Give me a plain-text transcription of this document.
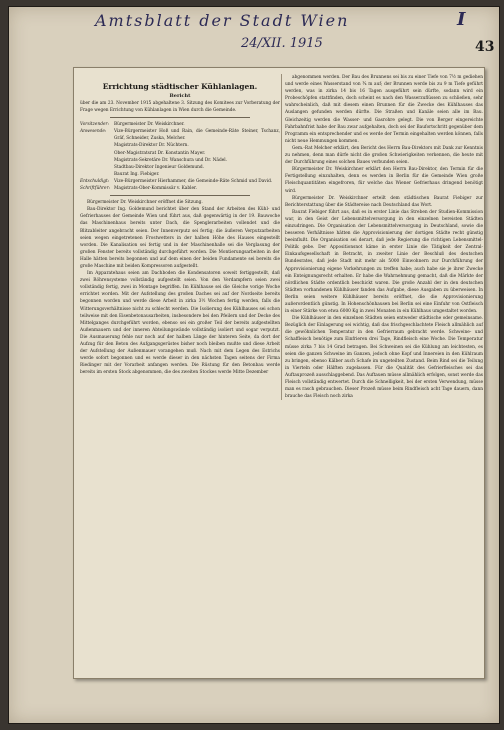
Amtsblatt der Stadt Wien	I
24/XII. 1915	43
Errichtung städtischer Kühlanlagen.
Bericht

über die am 23. November 1915 abgehaltene 3. Sitzung des Komitees zur Vorberatung der Frage wegen Errichtung von Kühlanlagen in Wien durch die Gemeinde.

Vorsitzender: Bürgermeister Dr. Weiskirchner.

Anwesende: Vize-Bürgermeister Hoß und Rain, die Gemeinde-Räte Steiner, Tschanz, Gräf, Schneider, Zuska, Melcher.

Magistrats-Direktor Dr. Nüchtern.

Ober-Magistratsrat Dr. Konstantin Mayer.

Magistrats-Sekretäre Dr. Wanschura und Dr. Nädel.

Stadtbau-Direktor Ingenieur Goldemund.

Baurat Ing. Fiebiger.

Entschuldigt: Vize-Bürgermeister Hierhammer, die Gemeinde-Räte Schmid und David.

Schriftführer: Magistrats-Ober-Kommissär v. Kabler.

Bürgermeister Dr. Weiskirchner eröffnet die Sitzung.

Bau-Direktor Ing. Goldemund berichtet über den Stand der Arbeiten des Kühl- und Gefrierhauses der Gemeinde Wien und führt aus, daß gegenwärtig in der 19. Bauwoche das Maschinenhaus bereits unter Dach, die Spenglerarbeiten vollendet und die Blitzableiter angebracht seien. Der Innenverputz sei fertig; die äußeren Verputzarbeiten seien wegen eingetretenen Frostwetters in der halben Höhe des Hauses eingestellt worden. Die Kanalisation sei fertig und in der Maschinenhalle sei die Verglasung der großen Fenster bereits vollständig durchgeführt worden. Die Montierungsarbeiten in der Halle hätten bereits begonnen und auf dem einen der beiden Fundamente sei bereits die große Maschine mit beiden Kompressoren aufgestellt.

Im Apparatehaus seien am Dachboden die Kondensatoren soweit fertiggestellt, daß zwei Röhrensysteme vollständig aufgestellt seien. Von den Verdampfern seien zwei vollständig fertig, zwei in Montage begriffen. Im Kühlhause sei die Gleiche vorige Woche errichtet worden. Mit der Aufstellung des großen Daches sei auf der Nordseite bereits begonnen worden und werde diese Arbeit in zirka 3½ Wochen fertig werden, falls die Witterungsverhältnisse nicht zu schlecht werden. Die Isolierung des Kühlhauses sei schon teilweise mit den Eisenbetonausarbeiten, insbesondere bei den Pfeilern und der Decke des Mittelganges durchgeführt worden, ebenso sei ein großer Teil der bereits aufgestellten Außenmauern und der inneren Abteilungswände vollständig isoliert und sogar verputzt. Die Ausmauerung fehle nur noch auf der halben Länge der hinteren Seite, da dort der Aufzug für den Beton des Aufgangsgerüstes bisher noch bleiben mußte und diese Arbeit der Aufstellung der Außenmauer vorangehen muß. Nach mit dem Legen des Estrichs werde sofort begonnen und es werde dieser in den nächsten Tagen seitens der Firma Riedinger mit der Vorarbeit anfangen werden. Die Rüstung für den Betonbau werde bereits im ersten Stock abgenommen, die des zweiten Stockes werde Mitte Dezember

abgenommen werden. Der Bau des Brunnens sei bis zu einer Tiefe von 7½ m gediehen und werde eines Wasserstand von ¾ m auf; der Brunnen werde bis zu 9 m Tiefe geführt werden, was in zirka 14 bis 16 Tagen ausgeführt sein dürfte, sodann wird ein Probeschöpfen stattfinden, doch scheint es nach den Wasserzuflüssen zu schließen, sehr wahrscheinlich, daß mit diesem einen Brunnen für die Zwecke des Kühlhauses das Auslangen gefunden werden dürfte. Die Straßen und Kanäle seien alle im Bau. Gleichzeitig werden die Wasser- und Gasrohre gelegt. Die von Berger eingereichte Fahrbahnfrist habe der Bau zwar aufgehalten, doch sei der Baufortschritt gegenüber dem Programm ein entsprechender und es werde der Termin eingehalten werden können, falls nicht neue Hemmungen kommen.

Gem.-Rat Melcher erklärt, den Bericht des Herrn Bau-Direktors mit Dank zur Kenntnis zu nehmen, denn man dürfe nicht die großen Schwierigkeiten verkennen, die heute mit der Durchführung eines solchen Baues verbunden seien.

Bürgermeister Dr. Weiskirchner erklärt den Herrn Bau-Direktor, den Termin für die Fertigstellung einzuhalten, denn es werden in Berlin für die Gemeinde Wien große Fleischquantitäten eingefroren, für welche das Wiener Gefrierhaus dringend benötigt wird.

Bürgermeister Dr. Weiskirchner erteilt dem städtischen Baurat Fiebiger zur Berichterstattung über die Städtereise nach Deutschland das Wort.

Baurat Fiebiger führt aus, daß es in erster Linie das Streben der Studien-Kommission war, in den Geist der Lebensmittelversorgung in den einzelnen bereisten Städten einzudringen. Die Organisation der Lebensmittelversorgung in Deutschland, sowie die besseren Verhältnisse hätten die Approvisionierung der dortigen Städte recht günstig beeinflußt. Die Organisation sei derart, daß jede Regierung die richtigen Lebensmittel-Politik gebe. Der Appositionsnot käme in erster Linie die Tätigkeit der Zentral-Einkaufsgesellschaft in Betracht, in zweiter Linie der Beschluß des deutschen Bundesrates, daß jede Stadt mit mehr als 5000 Einwohnern zur Durchführung der Approvisionierung eigene Vorkehrungen zu treffen habe; auch habe sie je ihrer Zwecke ein Enteignungsrecht erhalten. Er habe die Wahrnehmung gemacht, daß die Märkte der nördlichen Städte ordentlich beschickt waren. Die große Anzahl der in den deutschen Städten vorhandenen Kühlhäuser fanden das Aufgabe, diese Ausgaben zu überweisen. In Berlin seien weitere Kühlhäuser bereits eröffnet, die die Approvisionierung außerordentlich günstig. In Hohenschönhausen bei Berlin sei eine Einfuhr von Ostfleisch in einer Stärke von etwa 6000 Kg in zwei Monaten in ein Kühlhaus umgestaltet worden.

Die Kühlhäuser in den einzelnen Städten seien entweder städtische oder gemeinsame. Bezüglich der Einlagerung sei wichtig, daß das frischgeschlachtete Fleisch allmählich auf die gewöhnlichen Temperatur in den Gefrierraum gebracht werde. Schweine- und Schaffleisch benötige zum Einfrieren drei Tage, Rindfleisch eine Woche. Die Temperatur müsse zirka 7 bis 14 Grad betragen. Bei Schweinen sei die Kühlung am leichtesten, es seien die ganzen Schweine im Ganzen, jedoch ohne Kopf und Innereien in den Kühlraum zu bringen, ebenso Kälber auch Schafe im ungeteilten Zustand. Beim Rind sei die Teilung in Vierteln oder Hälften zugelassen. Für die Qualität des Gefrierfleisches sei das Auftauprozeß ausschlaggebend. Das Auftauen müsse allmählich erfolgen, sonst werde das Fleisch vollständig entwertet. Durch die Schnelligkeit, bei der ersten Verwendung, müsse man es rasch gebrauchen. Dieser Prozeß müsse beim Rindfleisch acht Tage dauern, dann brauche das Fleisch noch zirka
